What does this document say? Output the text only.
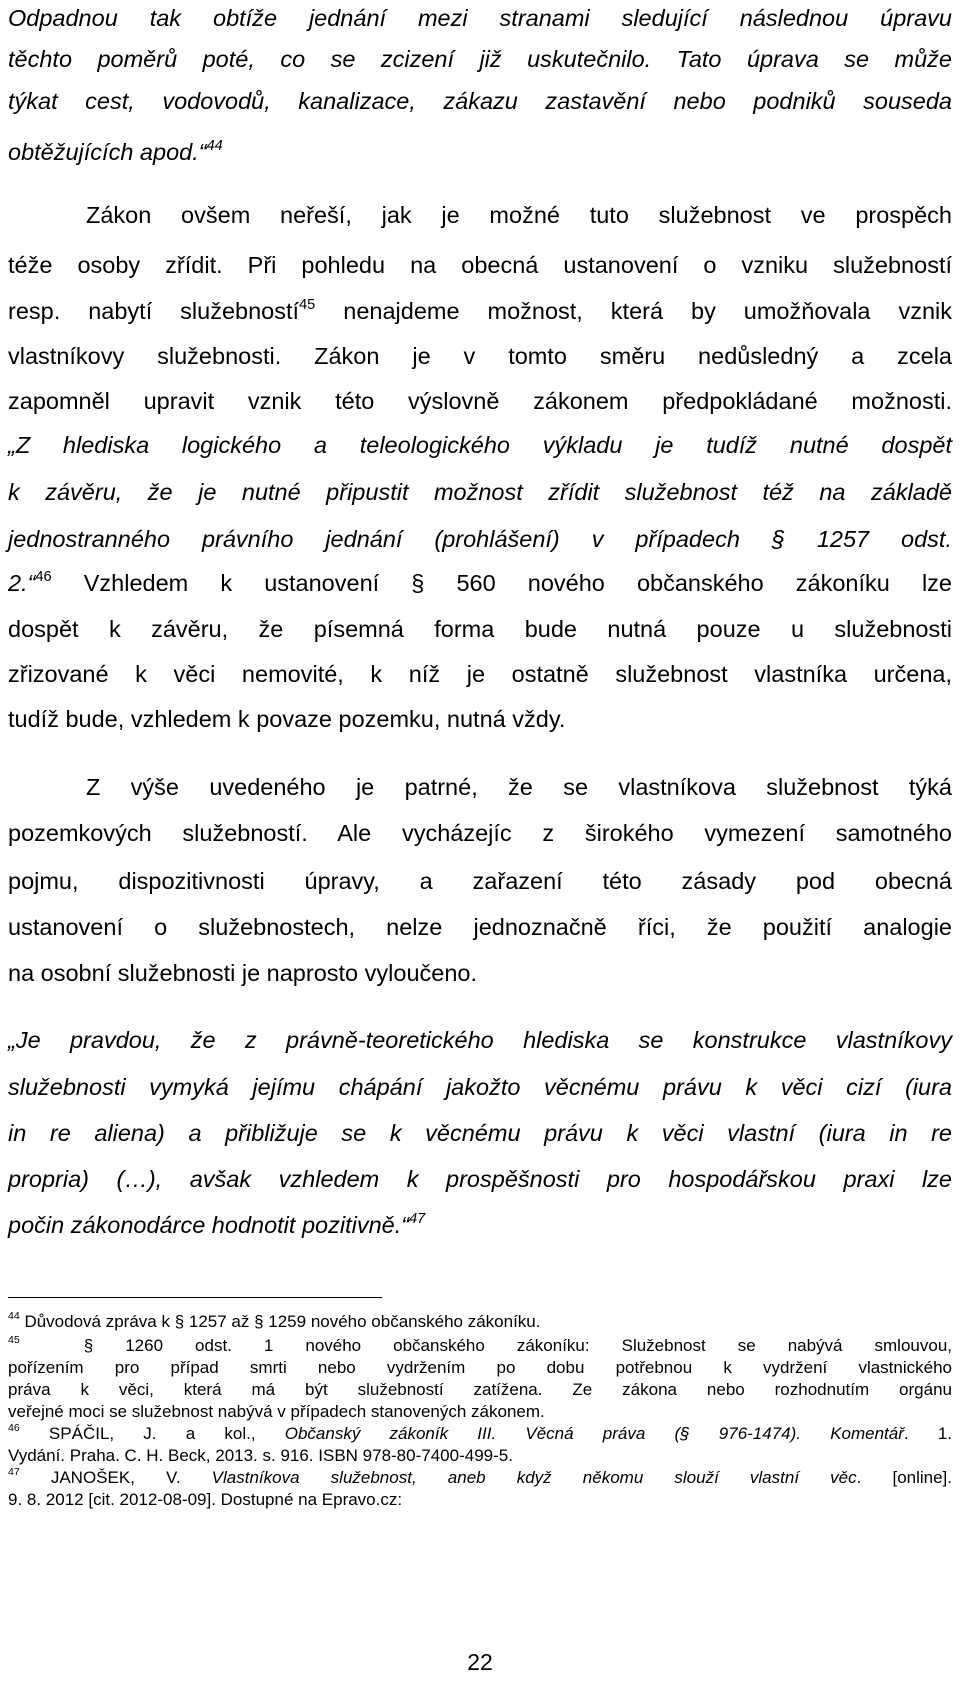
Odpadnou tak obtíže jednání mezi stranami sledující následnou úpravu
těchto poměrů poté, co se zcizení již uskutečnilo. Tato úprava se může
týkat cest, vodovodů, kanalizace, zákazu zastavění nebo podniků souseda
obtěžujících apod.“$^{44}$
Zákon ovšem neřeší, jak je možné tuto služebnost ve prospěch
téže osoby zřídit. Při pohledu na obecná ustanovení o vzniku služebností
resp. nabytí služebností$^{45}$ nenajdeme možnost, která by umožňovala vznik
vlastníkovy služebnosti. Zákon je v tomto směru nedůsledný a zcela
zapomněl upravit vznik této výslovně zákonem předpokládané možnosti.
„Z hlediska logického a teleologického výkladu je tudíž nutné dospět
k závěru, že je nutné připustit možnost zřídit služebnost též na základě
jednostranného právního jednání (prohlášení) v případech § 1257 odst.
2.“$^{46}$ Vzhledem k ustanovení § 560 nového občanského zákoníku lze
dospět k závěru, že písemná forma bude nutná pouze u služebnosti
zřizované k věci nemovité, k níž je ostatně služebnost vlastníka určena,
tudíž bude, vzhledem k povaze pozemku, nutná vždy.
Z výše uvedeného je patrné, že se vlastníkova služebnost týká
pozemkových služebností. Ale vycházejíc z širokého vymezení samotného
pojmu, dispozitivnosti úpravy, a zařazení této zásady pod obecná
ustanovení o služebnostech, nelze jednoznačně říci, že použití analogie
na osobní služebnosti je naprosto vyloučeno.
„Je pravdou, že z právně-teoretického hlediska se konstrukce vlastníkovy
služebnosti vymyká jejímu chápání jakožto věcnému právu k věci cizí (iura
in re aliena) a přibližuje se k věcnému právu k věci vlastní (iura in re
propria) (…), avšak vzhledem k prospěšnosti pro hospodářskou praxi lze
počin zákonodárce hodnotit pozitivně.“$^{47}$
$^{44}$ Důvodová zpráva k § 1257 až § 1259 nového občanského zákoníku.
$^{45}$	§ 1260 odst. 1 nového občanského zákoníku: Služebnost se nabývá smlouvou,
pořízením pro případ smrti nebo vydržením po dobu potřebnou k vydržení vlastnického
práva k věci, která má být služebností zatížena. Ze zákona nebo rozhodnutím orgánu
veřejné moci se služebnost nabývá v případech stanovených zákonem.
$^{46}$ SPÁČIL, J. a kol., Občanský zákoník III. Věcná práva (§ 976-1474). Komentář. 1.
Vydání. Praha. C. H. Beck, 2013. s. 916. ISBN 978-80-7400-499-5.
$^{47}$ JANOŠEK, V. Vlastníkova služebnost, aneb když někomu slouží vlastní věc. [online].
9. 8. 2012 [cit. 2012-08-09]. Dostupné na Epravo.cz:
22
